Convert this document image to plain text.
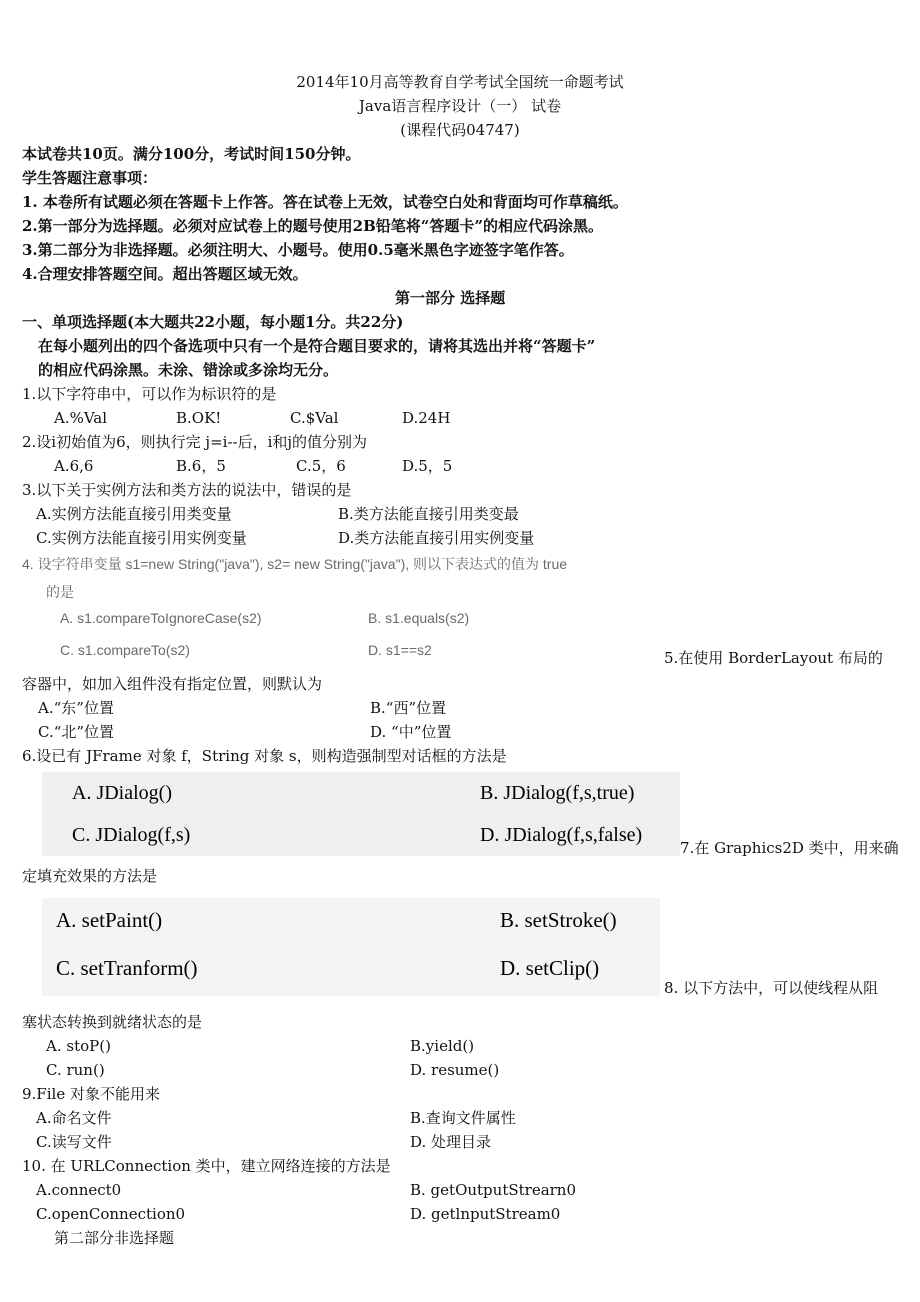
2014年10月高等教育自学考试全国统一命题考试
Java语言程序设计（一） 试卷
(课程代码04747)
本试卷共10页。满分100分，考试时间150分钟。
学生答题注意事项：
1. 本卷所有试题必须在答题卡上作答。答在试卷上无效，试卷空白处和背面均可作草稿纸。
2.第一部分为选择题。必须对应试卷上的题号使用2B铅笔将“答题卡”的相应代码涂黑。
3.第二部分为非选择题。必须注明大、小题号。使用0.5毫米黑色字迹签字笔作答。
4.合理安排答题空间。超出答题区域无效。
第一部分 选择题
一、单项选择题(本大题共22小题，每小题1分。共22分)
在每小题列出的四个备选项中只有一个是符合题目要求的，请将其选出并将“答题卡”
的相应代码涂黑。未涂、错涂或多涂均无分。
1.以下字符串中，可以作为标识符的是
A.%Val	B.OK!	C.$Val	D.24H
2.设i初始值为6，则执行完 j=i--后，i和j的值分别为
A.6,6	B.6，5	C.5，6	D.5，5
3.以下关于实例方法和类方法的说法中，错误的是
A.实例方法能直接引用类变量	B.类方法能直接引用类变最
C.实例方法能直接引用实例变量	D.类方法能直接引用实例变量
4. 设字符串变量 s1=new String("java"), s2= new String("java"), 则以下表达式的值为 true
的是
A. s1.compareToIgnoreCase(s2)	B. s1.equals(s2)
C. s1.compareTo(s2)	D. s1==s2	5.在使用 BorderLayout 布局的
容器中，如加入组件没有指定位置，则默认为
A.“东”位置	B.“西”位置
C.“北”位置	D. “中”位置
6.设已有 JFrame 对象 f，String 对象 s，则构造强制型对话框的方法是
A. JDialog()	B. JDialog(f,s,true)
C. JDialog(f,s)	D. JDialog(f,s,false)
7.在 Graphics2D 类中，用来确
定填充效果的方法是
A. setPaint()	B. setStroke()
C. setTranform()	D. setClip()
8. 以下方法中，可以使线程从阻
塞状态转换到就绪状态的是
A. stoP()	B.yield()
C. run()	D. resume()
9.File 对象不能用来
A.命名文件	B.查询文件属性
C.读写文件	D. 处理目录
10. 在 URLConnection 类中，建立网络连接的方法是
A.connect0	B. getOutputStrearn0
C.openConnection0	D. getlnputStream0
第二部分非选择题
